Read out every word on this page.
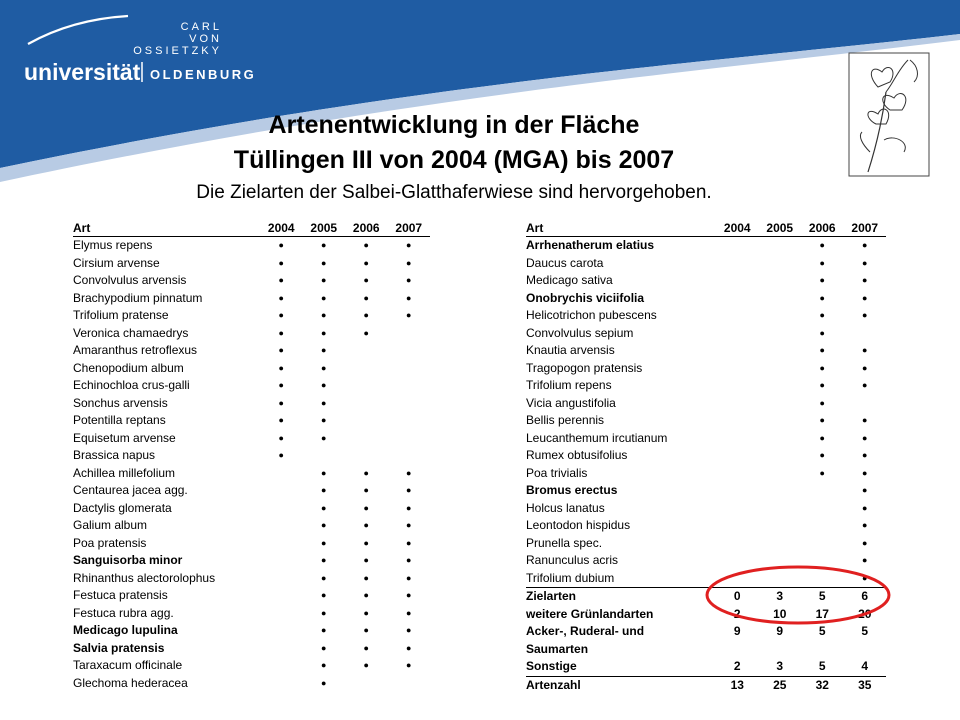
CARL
VON
OSSIETZKY
universität OLDENBURG
Artenentwicklung in der Fläche
Tüllingen III von 2004 (MGA) bis 2007
Die Zielarten der Salbei-Glatthaferwiese sind hervorgehoben.
Art	2004	2005	2006	2007
Elymus repens	●	●	●	●
Cirsium arvense	●	●	●	●
Convolvulus arvensis	●	●	●	●
Brachypodium pinnatum	●	●	●	●
Trifolium pratense	●	●	●	●
Veronica chamaedrys	●	●	●	
Amaranthus retroflexus	●	●		
Chenopodium album	●	●		
Echinochloa crus-galli	●	●		
Sonchus arvensis	●	●		
Potentilla reptans	●	●		
Equisetum arvense	●	●		
Brassica napus	●			
Achillea millefolium		●	●	●
Centaurea jacea agg.		●	●	●
Dactylis glomerata		●	●	●
Galium album		●	●	●
Poa pratensis		●	●	●
Sanguisorba minor		●	●	●
Rhinanthus alectorolophus		●	●	●
Festuca pratensis		●	●	●
Festuca rubra agg.		●	●	●
Medicago lupulina		●	●	●
Salvia pratensis		●	●	●
Taraxacum officinale		●	●	●
Glechoma hederacea		●		
Art	2004	2005	2006	2007
Arrhenatherum elatius			●	●
Daucus carota			●	●
Medicago sativa			●	●
Onobrychis viciifolia			●	●
Helicotrichon pubescens			●	●
Convolvulus sepium			●	
Knautia arvensis			●	●
Tragopogon pratensis			●	●
Trifolium repens			●	●
Vicia angustifolia			●	
Bellis perennis			●	●
Leucanthemum ircutianum			●	●
Rumex obtusifolius			●	●
Poa trivialis			●	●
Bromus erectus				●
Holcus lanatus				●
Leontodon hispidus				●
Prunella spec.				●
Ranunculus acris				●
Trifolium dubium				●
Zielarten	0	3	5	6
weitere Grünlandarten	2	10	17	20
Acker-, Ruderal- und	9	9	5	5
Saumarten				
Sonstige	2	3	5	4
Artenzahl	13	25	32	35
